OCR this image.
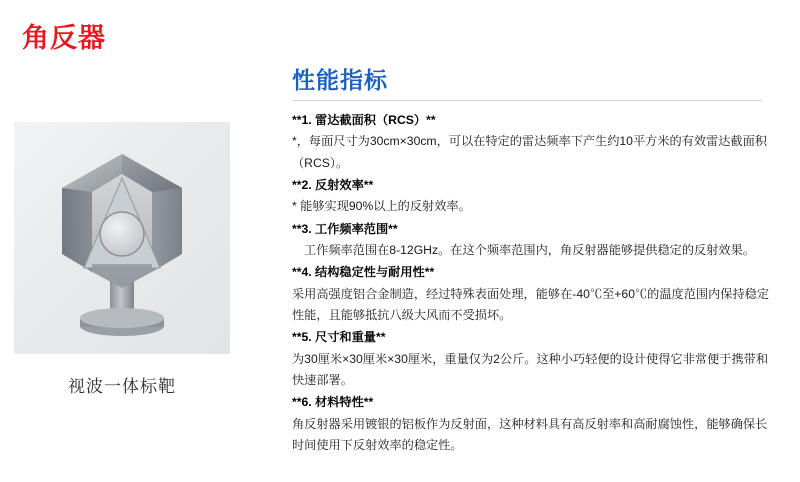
角反器
视波一体标靶
性能指标
**1. 雷达截面积（RCS）**
*，每面尺寸为30cm×30cm，可以在特定的雷达频率下产生约10平方米的有效雷达截面积（RCS）。
**2. 反射效率**
* 能够实现90%以上的反射效率。
**3. 工作频率范围**
工作频率范围在8-12GHz。在这个频率范围内，角反射器能够提供稳定的反射效果。
**4. 结构稳定性与耐用性**
采用高强度铝合金制造，经过特殊表面处理，能够在-40℃至+60℃的温度范围内保持稳定性能，且能够抵抗八级大风而不受损坏。
**5. 尺寸和重量**
为30厘米×30厘米×30厘米，重量仅为2公斤。这种小巧轻便的设计使得它非常便于携带和快速部署。
**6. 材料特性**
角反射器采用镀银的铝板作为反射面，这种材料具有高反射率和高耐腐蚀性，能够确保长时间使用下反射效率的稳定性。
